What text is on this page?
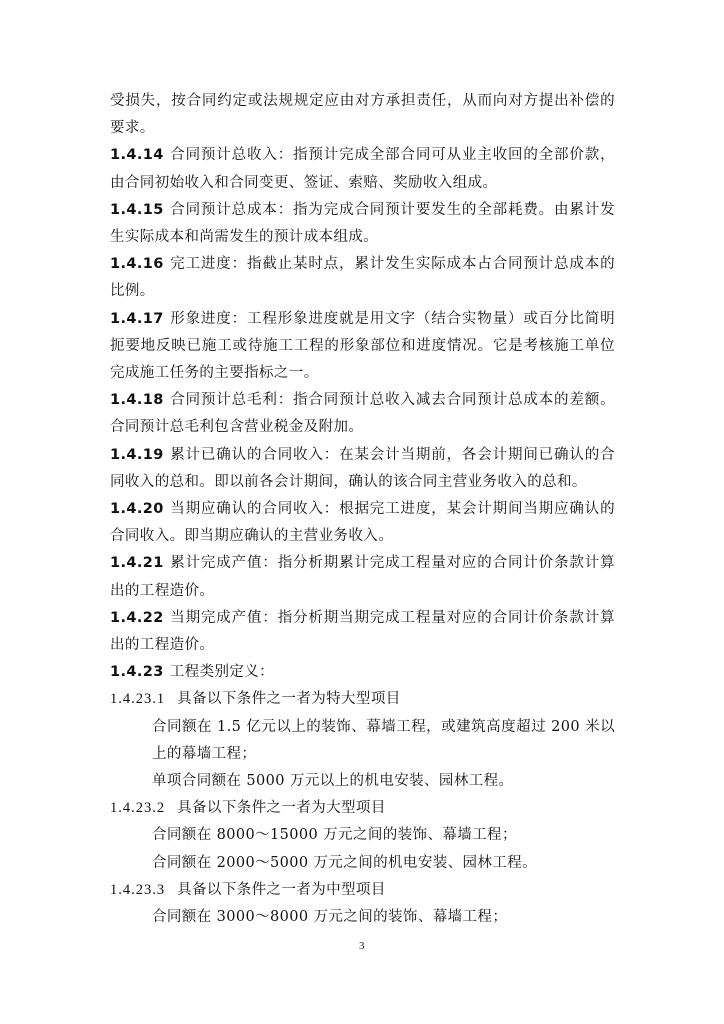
受损失，按合同约定或法规规定应由对方承担责任，从而向对方提出补偿的要求。

1.4.14 合同预计总收入：指预计完成全部合同可从业主收回的全部价款，由合同初始收入和合同变更、签证、索赔、奖励收入组成。

1.4.15 合同预计总成本：指为完成合同预计要发生的全部耗费。由累计发生实际成本和尚需发生的预计成本组成。

1.4.16 完工进度：指截止某时点，累计发生实际成本占合同预计总成本的比例。

1.4.17 形象进度：工程形象进度就是用文字（结合实物量）或百分比简明扼要地反映已施工或待施工工程的形象部位和进度情况。它是考核施工单位完成施工任务的主要指标之一。

1.4.18 合同预计总毛利：指合同预计总收入减去合同预计总成本的差额。合同预计总毛利包含营业税金及附加。

1.4.19 累计已确认的合同收入：在某会计当期前，各会计期间已确认的合同收入的总和。即以前各会计期间，确认的该合同主营业务收入的总和。

1.4.20 当期应确认的合同收入：根据完工进度，某会计期间当期应确认的合同收入。即当期应确认的主营业务收入。

1.4.21 累计完成产值：指分析期累计完成工程量对应的合同计价条款计算出的工程造价。

1.4.22 当期完成产值：指分析期当期完成工程量对应的合同计价条款计算出的工程造价。

1.4.23 工程类别定义：

1.4.23.1 具备以下条件之一者为特大型项目

合同额在 1.5 亿元以上的装饰、幕墙工程，或建筑高度超过 200 米以上的幕墙工程；

单项合同额在 5000 万元以上的机电安装、园林工程。

1.4.23.2 具备以下条件之一者为大型项目

合同额在 8000～15000 万元之间的装饰、幕墙工程；

合同额在 2000～5000 万元之间的机电安装、园林工程。

1.4.23.3 具备以下条件之一者为中型项目

合同额在 3000～8000 万元之间的装饰、幕墙工程；

3
